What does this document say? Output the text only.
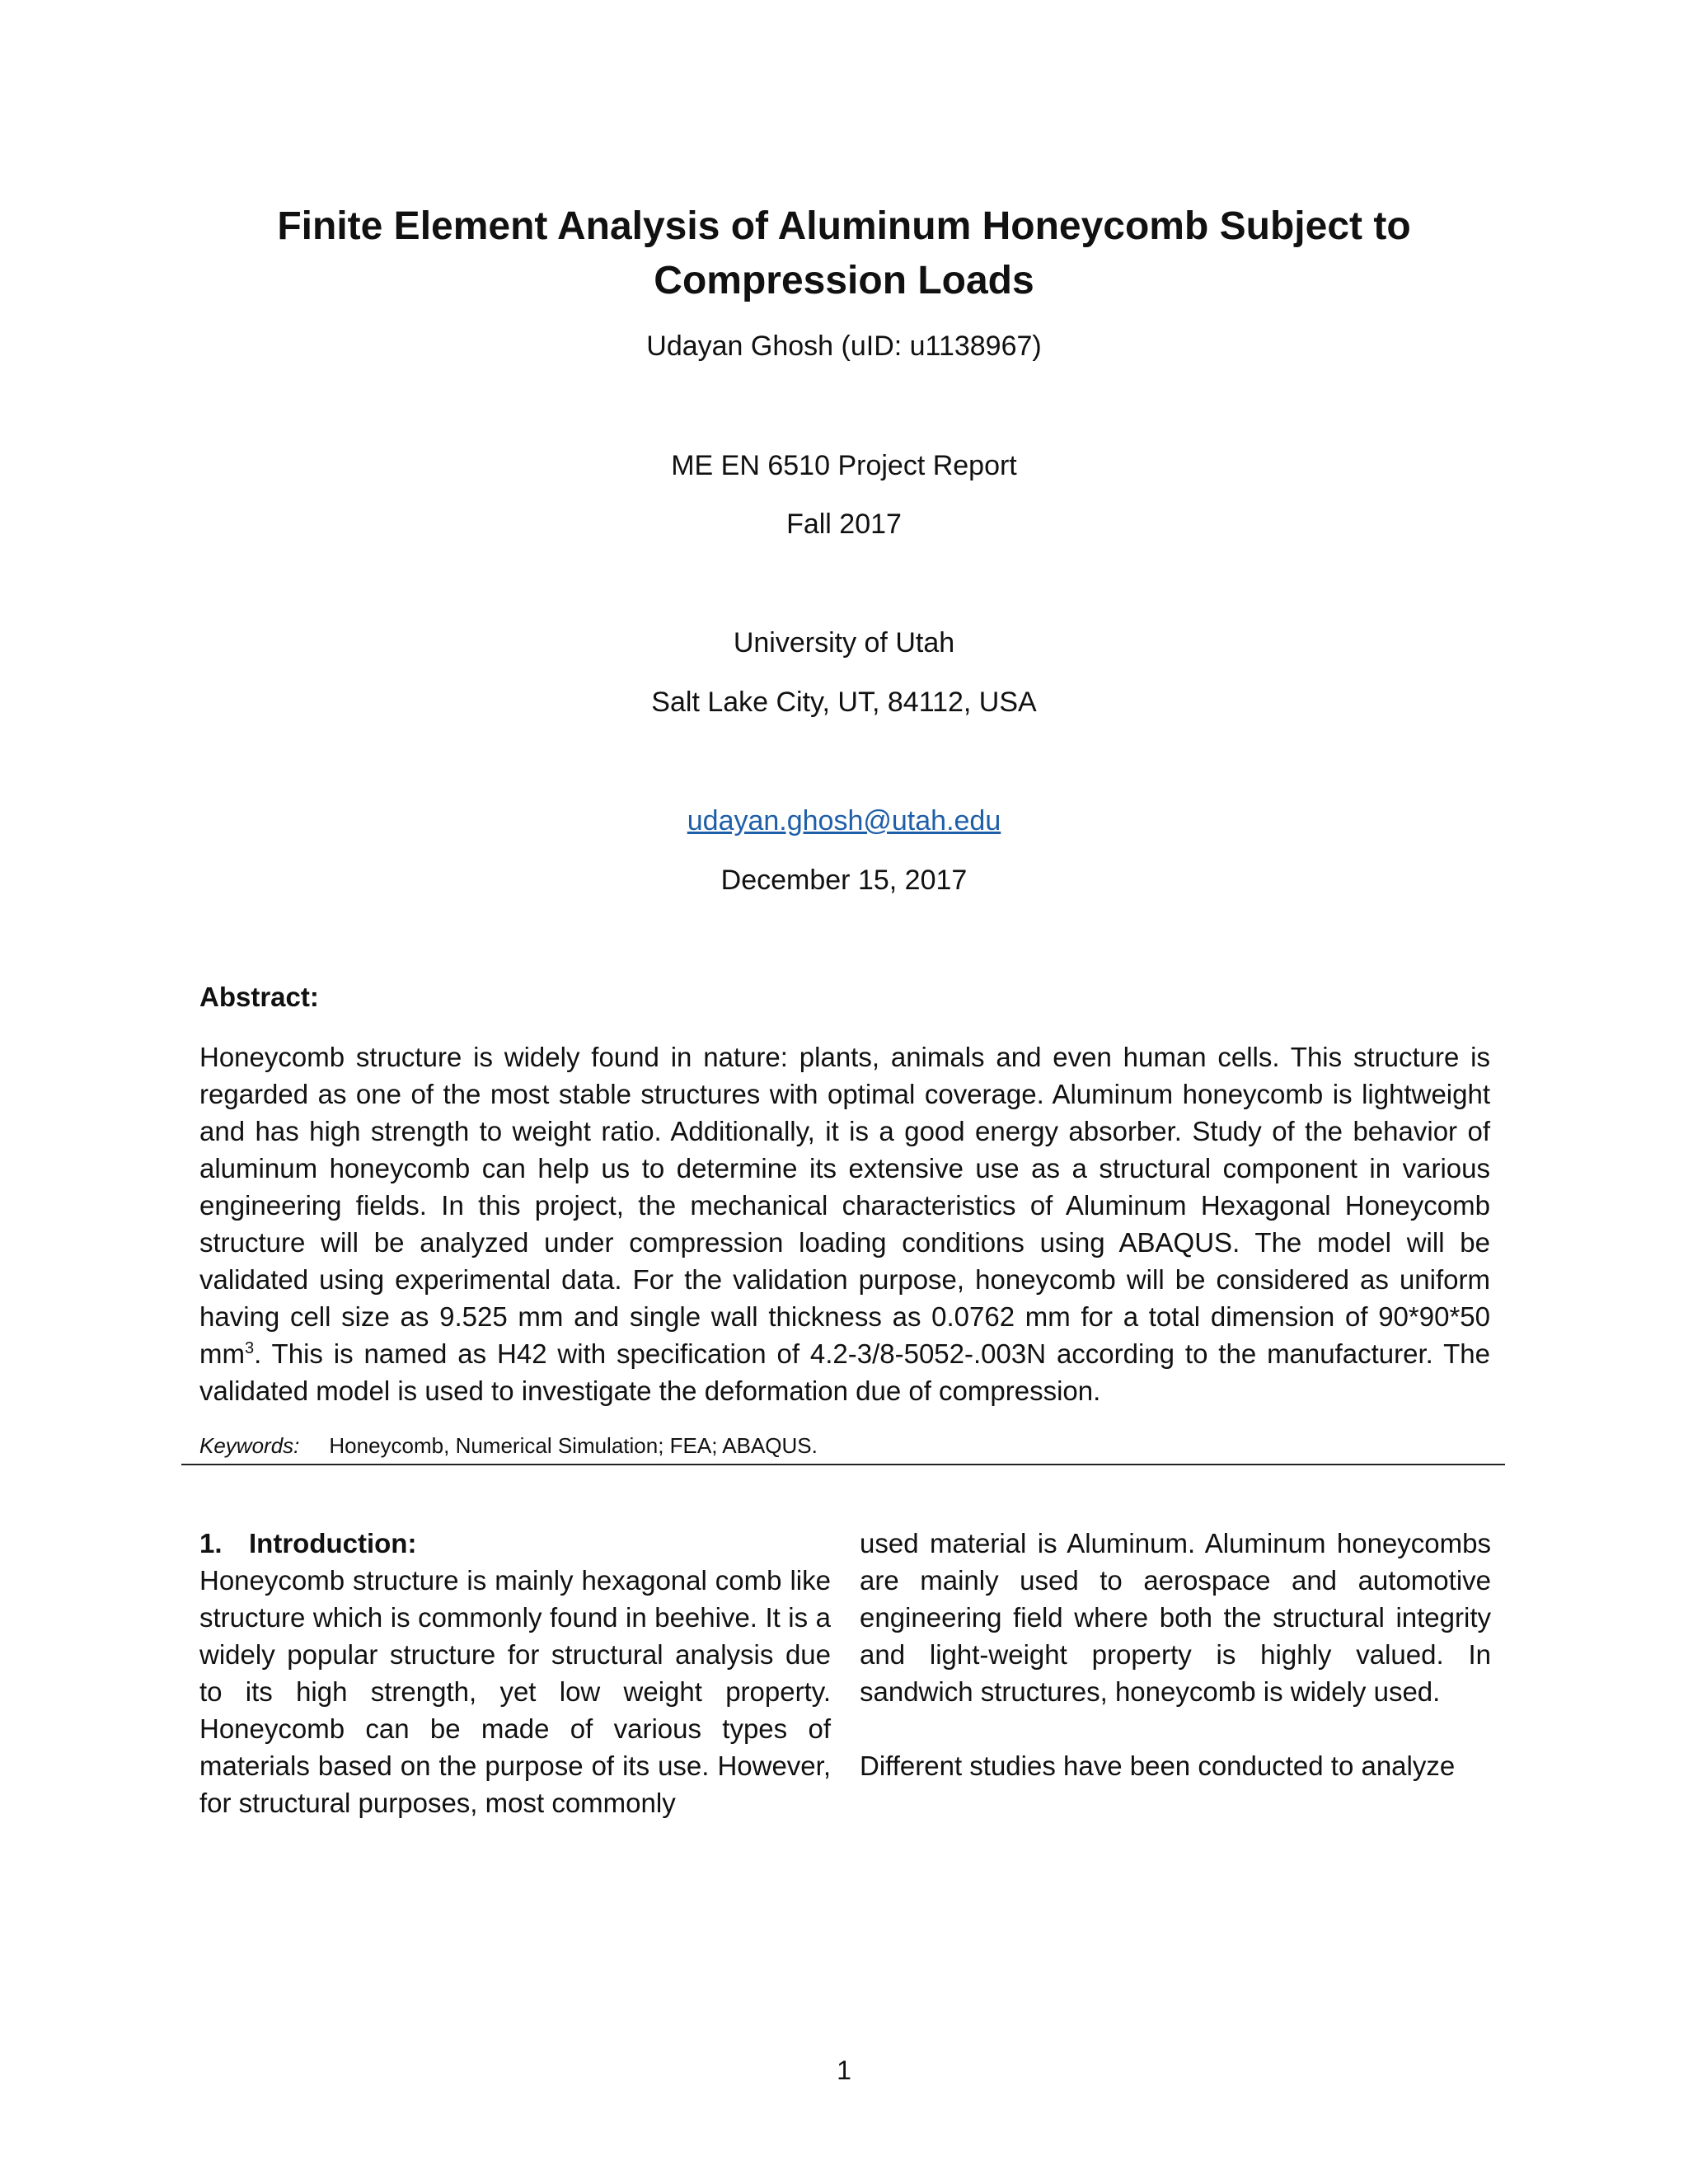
Finite Element Analysis of Aluminum Honeycomb Subject to Compression Loads

Udayan Ghosh (uID: u1138967)

ME EN 6510 Project Report

Fall 2017

University of Utah

Salt Lake City, UT, 84112, USA

udayan.ghosh@utah.edu

December 15, 2017

Abstract:

Honeycomb structure is widely found in nature: plants, animals and even human cells. This structure is regarded as one of the most stable structures with optimal coverage. Aluminum honeycomb is lightweight and has high strength to weight ratio. Additionally, it is a good energy absorber. Study of the behavior of aluminum honeycomb can help us to determine its extensive use as a structural component in various engineering fields. In this project, the mechanical characteristics of Aluminum Hexagonal Honeycomb structure will be analyzed under compression loading conditions using ABAQUS. The model will be validated using experimental data. For the validation purpose, honeycomb will be considered as uniform having cell size as 9.525 mm and single wall thickness as 0.0762 mm for a total dimension of 90*90*50 $mm^3$. This is named as H42 with specification of 4.2-3/8-5052-.003N according to the manufacturer. The validated model is used to investigate the deformation due of compression.

Keywords: Honeycomb, Numerical Simulation; FEA; ABAQUS.

1. Introduction:

Honeycomb structure is mainly hexagonal comb like structure which is commonly found in beehive. It is a widely popular structure for structural analysis due to its high strength, yet low weight property. Honeycomb can be made of various types of materials based on the purpose of its use. However, for structural purposes, most commonly

used material is Aluminum. Aluminum honeycombs are mainly used to aerospace and automotive engineering field where both the structural integrity and light-weight property is highly valued. In sandwich structures, honeycomb is widely used.

Different studies have been conducted to analyze

1
